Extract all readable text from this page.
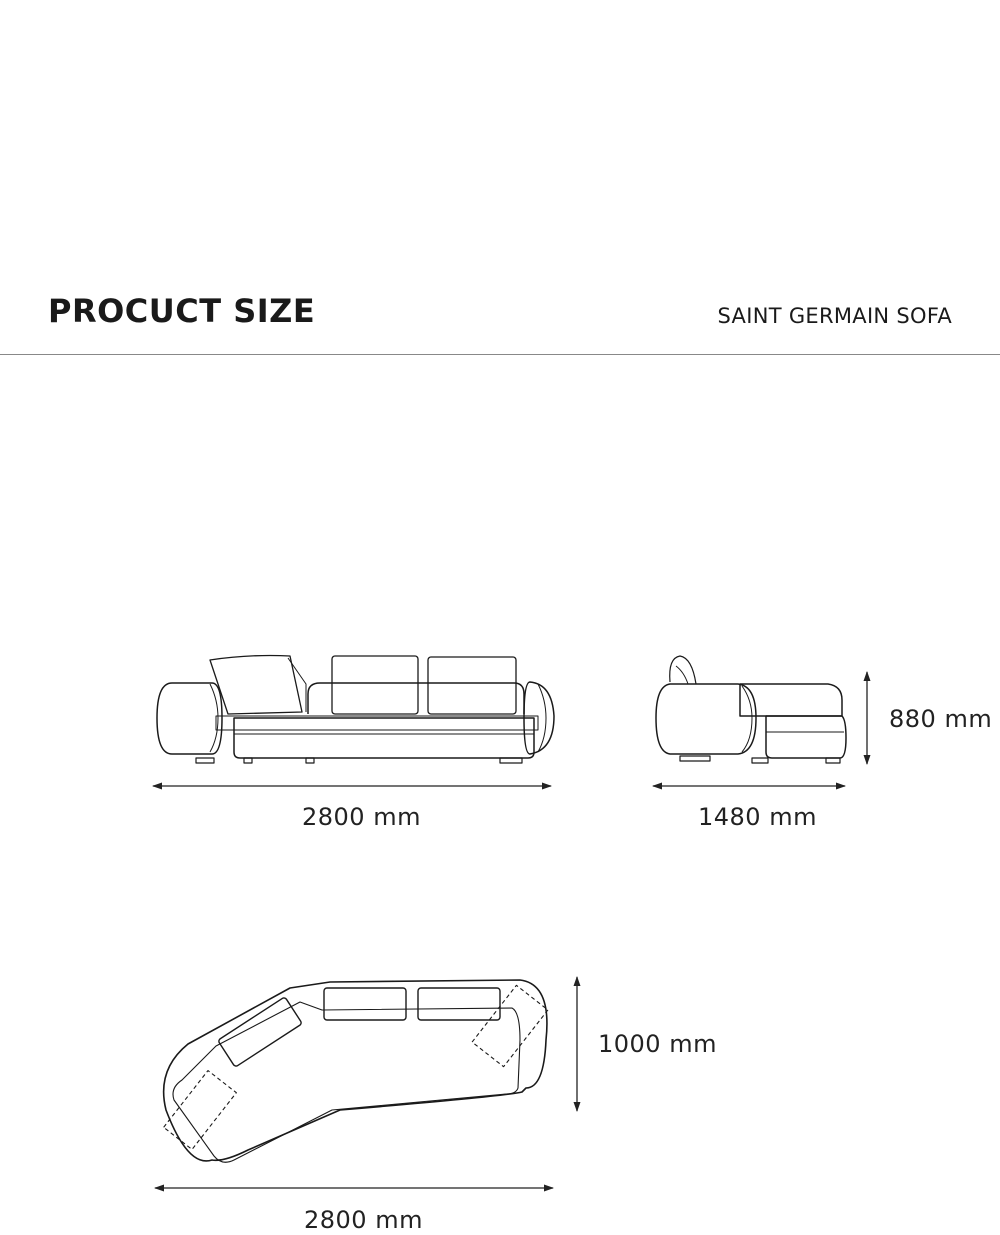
PROCUCT SIZE	SAINT GERMAIN SOFA
2800 mm	1480 mm
880 mm
1000 mm
2800 mm
